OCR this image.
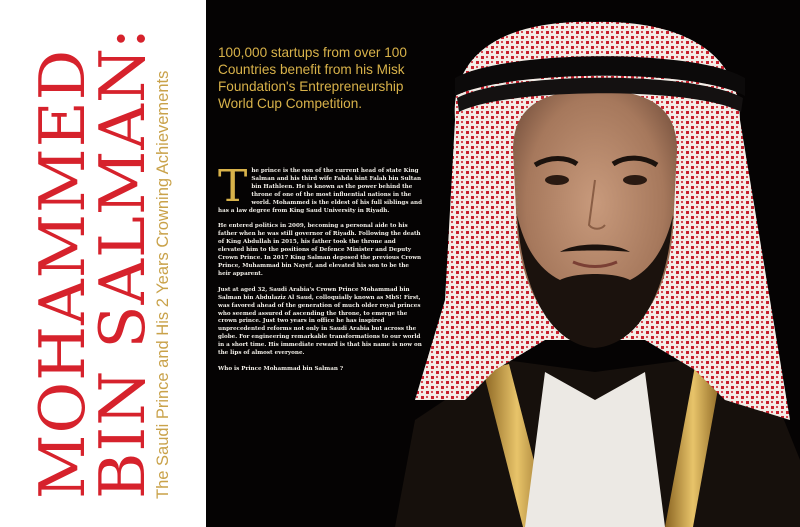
MOHAMMED
BIN SALMAN:
The Saudi Prince and His 2 Years Crowning Achievements
100,000 startups from over 100 Countries benefit from his Misk Foundation's Entrepreneurship World Cup Competition.

The prince is the son of the current head of state King Salman and his third wife Fahda bint Falah bin Sultan bin Hathleen. He is known as the power behind the throne of one of the most influential nations in the world. Mohammed is the eldest of his full siblings and has a law degree from King Saud University in Riyadh.

He entered politics in 2009, becoming a personal aide to his father when he was still governor of Riyadh. Following the death of King Abdullah in 2015, his father took the throne and elevated him to the positions of Defence Minister and Deputy Crown Prince. In 2017 King Salman deposed the previous Crown Prince, Muhammad bin Nayef, and elevated his son to be the heir apparent.

Just at aged 32, Saudi Arabia's Crown Prince Mohammad bin Salman bin Abdulaziz Al Saud, colloquially known as MbS! First, was favored ahead of the generation of much older royal princes who seemed assured of ascending the throne, to emerge the crown prince. Just two years in office he has inspired unprecedented reforms not only in Saudi Arabia but across the globe. For engineering remarkable transformations to our world in a short time. His immediate reward is that his name is now on the lips of almost everyone.

Who is Prince Mohammad bin Salman ?
